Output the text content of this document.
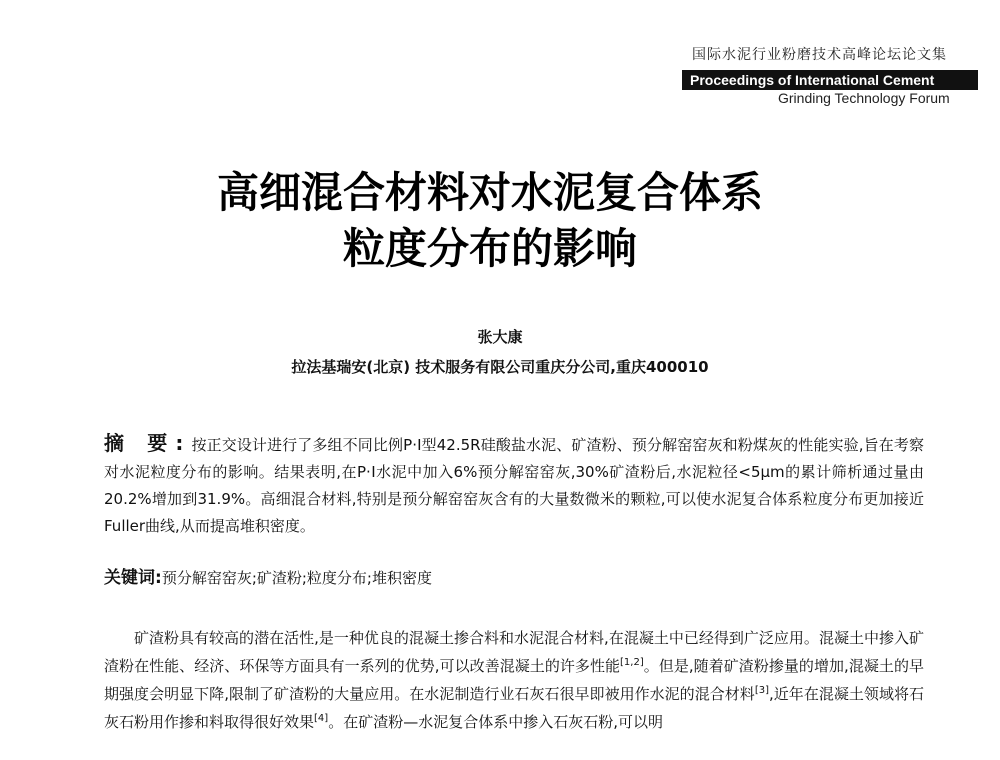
国际水泥行业粉磨技术高峰论坛论文集
Proceedings of International Cement
Grinding Technology Forum
高细混合材料对水泥复合体系
粒度分布的影响
张大康
拉法基瑞安(北京) 技术服务有限公司重庆分公司,重庆400010
摘 要:按正交设计进行了多组不同比例P·Ⅰ型42.5R硅酸盐水泥、矿渣粉、预分解窑窑灰和粉煤灰的性能实验,旨在考察对水泥粒度分布的影响。结果表明,在P·Ⅰ水泥中加入6%预分解窑窑灰,30%矿渣粉后,水泥粒径<5μm的累计筛析通过量由20.2%增加到31.9%。高细混合材料,特别是预分解窑窑灰含有的大量数微米的颗粒,可以使水泥复合体系粒度分布更加接近Fuller曲线,从而提高堆积密度。
关键词:预分解窑窑灰;矿渣粉;粒度分布;堆积密度
矿渣粉具有较高的潜在活性,是一种优良的混凝土掺合料和水泥混合材料,在混凝土中已经得到广泛应用。混凝土中掺入矿渣粉在性能、经济、环保等方面具有一系列的优势,可以改善混凝土的许多性能[1,2]。但是,随着矿渣粉掺量的增加,混凝土的早期强度会明显下降,限制了矿渣粉的大量应用。在水泥制造行业石灰石很早即被用作水泥的混合材料[3],近年在混凝土领域将石灰石粉用作掺和料取得很好效果[4]。在矿渣粉—水泥复合体系中掺入石灰石粉,可以明
